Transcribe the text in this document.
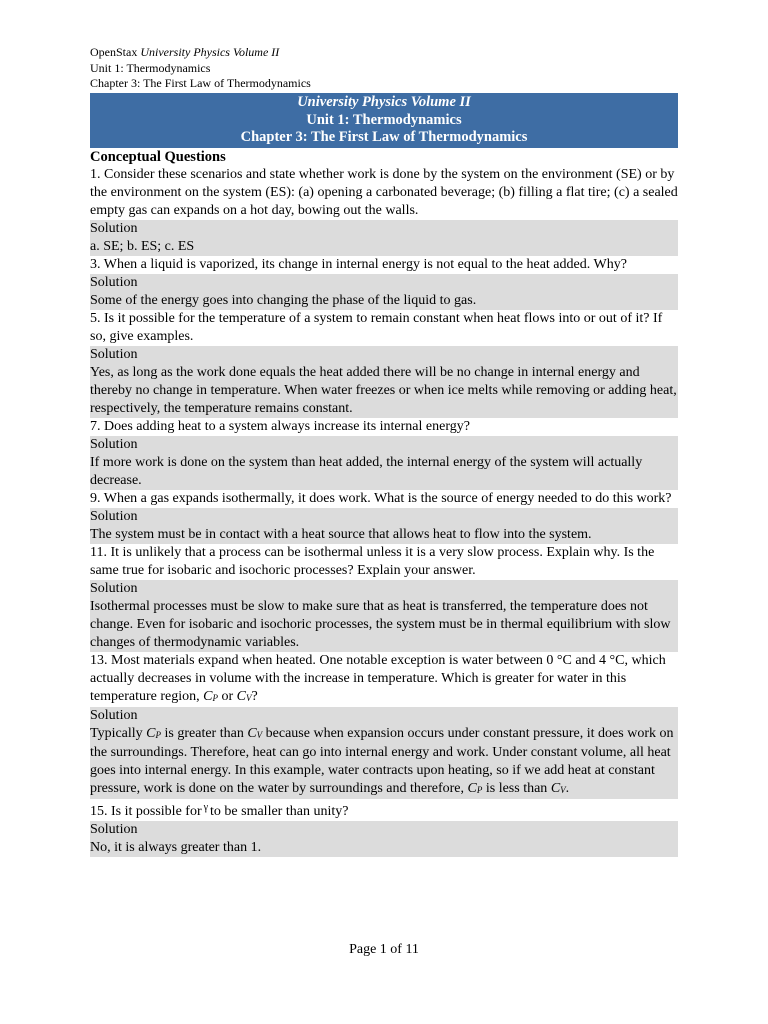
OpenStax University Physics Volume II
Unit 1: Thermodynamics
Chapter 3: The First Law of Thermodynamics
University Physics Volume II
Unit 1: Thermodynamics
Chapter 3: The First Law of Thermodynamics
Conceptual Questions
1. Consider these scenarios and state whether work is done by the system on the environment (SE) or by the environment on the system (ES): (a) opening a carbonated beverage; (b) filling a flat tire; (c) a sealed empty gas can expands on a hot day, bowing out the walls.
Solution
a. SE; b. ES; c. ES
3. When a liquid is vaporized, its change in internal energy is not equal to the heat added. Why?
Solution
Some of the energy goes into changing the phase of the liquid to gas.
5. Is it possible for the temperature of a system to remain constant when heat flows into or out of it? If so, give examples.
Solution
Yes, as long as the work done equals the heat added there will be no change in internal energy and thereby no change in temperature. When water freezes or when ice melts while removing or adding heat, respectively, the temperature remains constant.
7. Does adding heat to a system always increase its internal energy?
Solution
If more work is done on the system than heat added, the internal energy of the system will actually decrease.
9. When a gas expands isothermally, it does work. What is the source of energy needed to do this work?
Solution
The system must be in contact with a heat source that allows heat to flow into the system.
11. It is unlikely that a process can be isothermal unless it is a very slow process. Explain why. Is the same true for isobaric and isochoric processes? Explain your answer.
Solution
Isothermal processes must be slow to make sure that as heat is transferred, the temperature does not change. Even for isobaric and isochoric processes, the system must be in thermal equilibrium with slow changes of thermodynamic variables.
13. Most materials expand when heated. One notable exception is water between 0 °C and 4 °C, which actually decreases in volume with the increase in temperature. Which is greater for water in this temperature region, CP or CV?
Solution
Typically CP is greater than CV because when expansion occurs under constant pressure, it does work on the surroundings. Therefore, heat can go into internal energy and work. Under constant volume, all heat goes into internal energy. In this example, water contracts upon heating, so if we add heat at constant pressure, work is done on the water by surroundings and therefore, CP is less than CV.
15. Is it possible for $^\gamma$ to be smaller than unity?
Solution
No, it is always greater than 1.
Page 1 of 11
